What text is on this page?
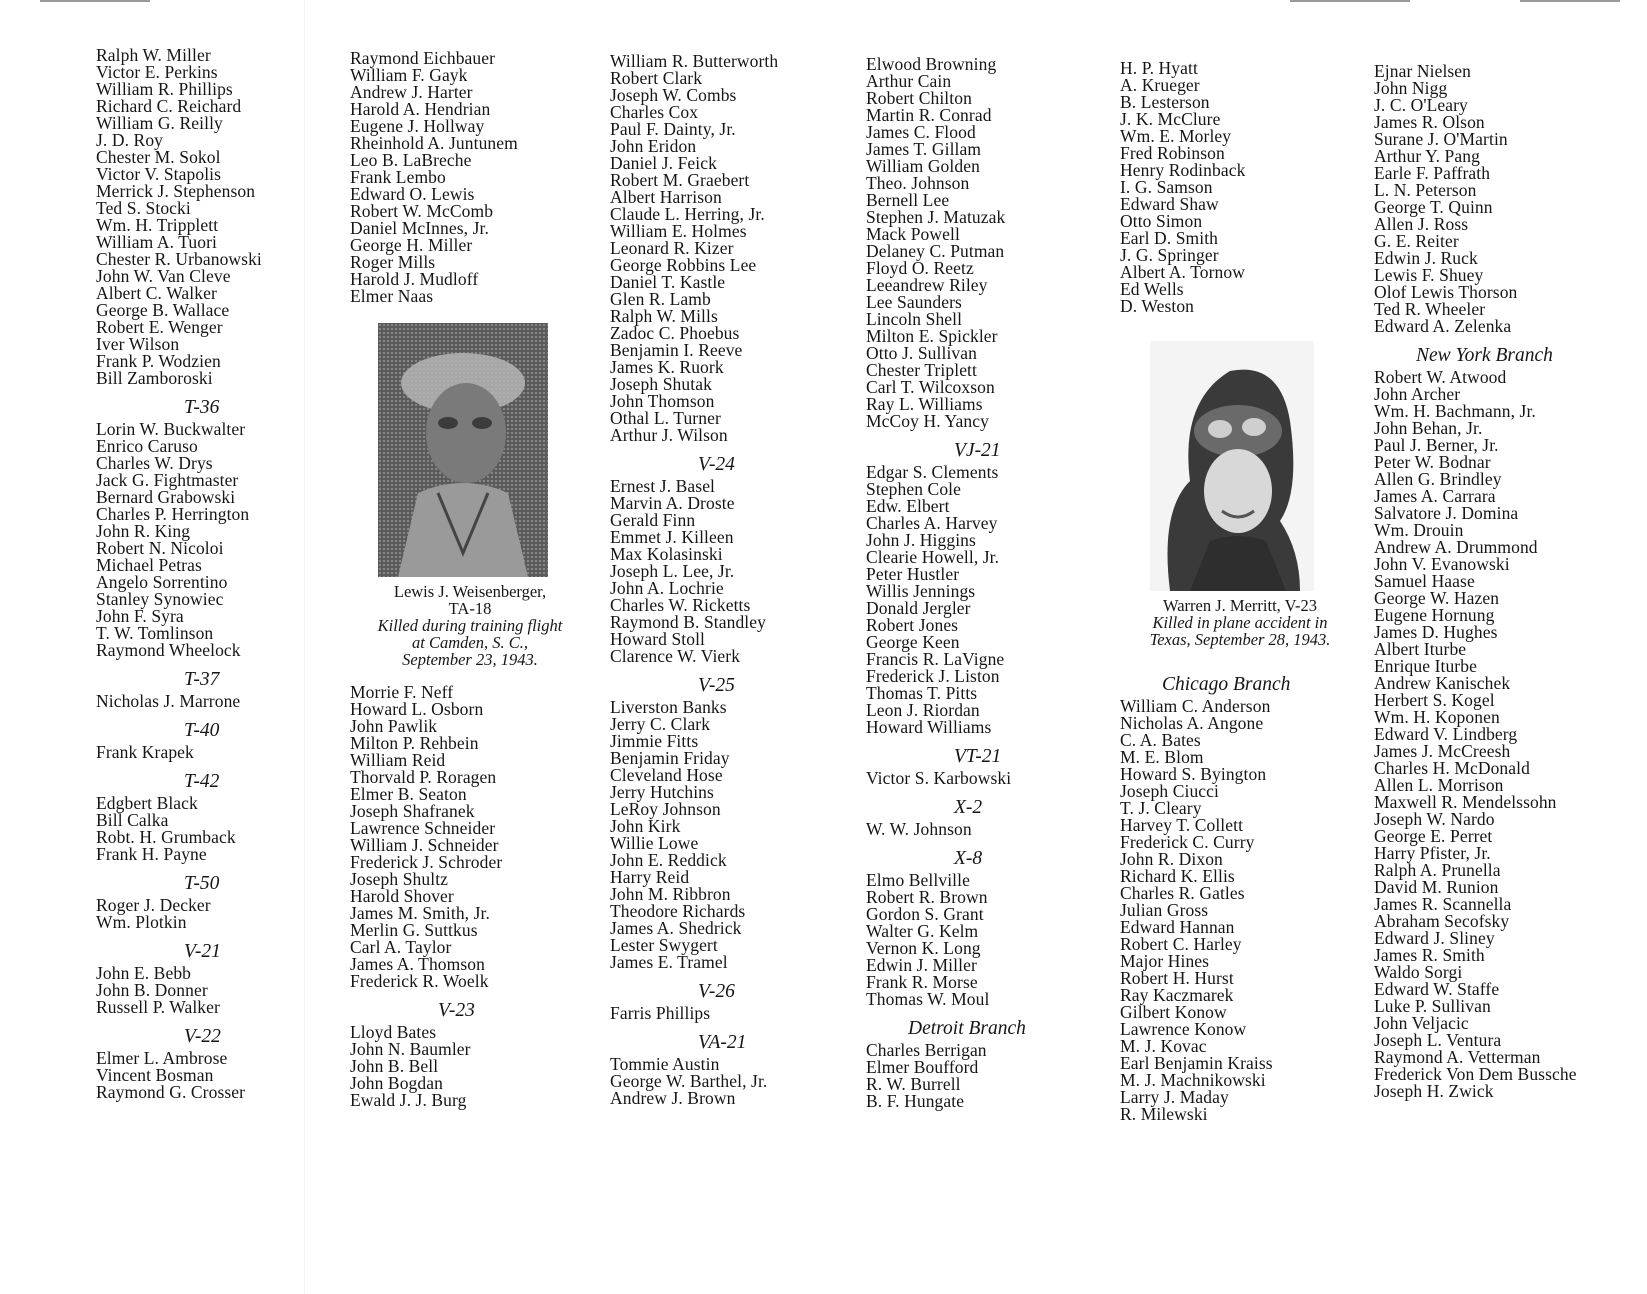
Ralph W. Miller
Victor E. Perkins
William R. Phillips
Richard C. Reichard
William G. Reilly
J. D. Roy
Chester M. Sokol
Victor V. Stapolis
Merrick J. Stephenson
Ted S. Stocki
Wm. H. Tripplett
William A. Tuori
Chester R. Urbanowski
John W. Van Cleve
Albert C. Walker
George B. Wallace
Robert E. Wenger
Iver Wilson
Frank P. Wodzien
Bill Zamboroski
T-36
Lorin W. Buckwalter
Enrico Caruso
Charles W. Drys
Jack G. Fightmaster
Bernard Grabowski
Charles P. Herrington
John R. King
Robert N. Nicoloi
Michael Petras
Angelo Sorrentino
Stanley Synowiec
John F. Syra
T. W. Tomlinson
Raymond Wheelock
T-37
Nicholas J. Marrone
T-40
Frank Krapek
T-42
Edgbert Black
Bill Calka
Robt. H. Grumback
Frank H. Payne
T-50
Roger J. Decker
Wm. Plotkin
V-21
John E. Bebb
John B. Donner
Russell P. Walker
V-22
Elmer L. Ambrose
Vincent Bosman
Raymond G. Crosser
Raymond Eichbauer
William F. Gayk
Andrew J. Harter
Harold A. Hendrian
Eugene J. Hollway
Rheinhold A. Juntunem
Leo B. LaBreche
Frank Lembo
Edward O. Lewis
Robert W. McComb
Daniel McInnes, Jr.
George H. Miller
Roger Mills
Harold J. Mudloff
Elmer Naas
Lewis J. Weisenberger,
TA-18
Killed during training flight
at Camden, S. C.,
September 23, 1943.
Morrie F. Neff
Howard L. Osborn
John Pawlik
Milton P. Rehbein
William Reid
Thorvald P. Roragen
Elmer B. Seaton
Joseph Shafranek
Lawrence Schneider
William J. Schneider
Frederick J. Schroder
Joseph Shultz
Harold Shover
James M. Smith, Jr.
Merlin G. Suttkus
Carl A. Taylor
James A. Thomson
Frederick R. Woelk
V-23
Lloyd Bates
John N. Baumler
John B. Bell
John Bogdan
Ewald J. J. Burg
William R. Butterworth
Robert Clark
Joseph W. Combs
Charles Cox
Paul F. Dainty, Jr.
John Eridon
Daniel J. Feick
Robert M. Graebert
Albert Harrison
Claude L. Herring, Jr.
William E. Holmes
Leonard R. Kizer
George Robbins Lee
Daniel T. Kastle
Glen R. Lamb
Ralph W. Mills
Zadoc C. Phoebus
Benjamin I. Reeve
James K. Ruork
Joseph Shutak
John Thomson
Othal L. Turner
Arthur J. Wilson
V-24
Ernest J. Basel
Marvin A. Droste
Gerald Finn
Emmet J. Killeen
Max Kolasinski
Joseph L. Lee, Jr.
John A. Lochrie
Charles W. Ricketts
Raymond B. Standley
Howard Stoll
Clarence W. Vierk
V-25
Liverston Banks
Jerry C. Clark
Jimmie Fitts
Benjamin Friday
Cleveland Hose
Jerry Hutchins
LeRoy Johnson
John Kirk
Willie Lowe
John E. Reddick
Harry Reid
John M. Ribbron
Theodore Richards
James A. Shedrick
Lester Swygert
James E. Tramel
V-26
Farris Phillips
VA-21
Tommie Austin
George W. Barthel, Jr.
Andrew J. Brown
Elwood Browning
Arthur Cain
Robert Chilton
Martin R. Conrad
James C. Flood
James T. Gillam
William Golden
Theo. Johnson
Bernell Lee
Stephen J. Matuzak
Mack Powell
Delaney C. Putman
Floyd O. Reetz
Leeandrew Riley
Lee Saunders
Lincoln Shell
Milton E. Spickler
Otto J. Sullivan
Chester Triplett
Carl T. Wilcoxson
Ray L. Williams
McCoy H. Yancy
VJ-21
Edgar S. Clements
Stephen Cole
Edw. Elbert
Charles A. Harvey
John J. Higgins
Clearie Howell, Jr.
Peter Hustler
Willis Jennings
Donald Jergler
Robert Jones
George Keen
Francis R. LaVigne
Frederick J. Liston
Thomas T. Pitts
Leon J. Riordan
Howard Williams
VT-21
Victor S. Karbowski
X-2
W. W. Johnson
X-8
Elmo Bellville
Robert R. Brown
Gordon S. Grant
Walter G. Kelm
Vernon K. Long
Edwin J. Miller
Frank R. Morse
Thomas W. Moul
Detroit Branch
Charles Berrigan
Elmer Boufford
R. W. Burrell
B. F. Hungate
H. P. Hyatt
A. Krueger
B. Lesterson
J. K. McClure
Wm. E. Morley
Fred Robinson
Henry Rodinback
I. G. Samson
Edward Shaw
Otto Simon
Earl D. Smith
J. G. Springer
Albert A. Tornow
Ed Wells
D. Weston
Warren J. Merritt, V-23
Killed in plane accident in
Texas, September 28, 1943.
Chicago Branch
William C. Anderson
Nicholas A. Angone
C. A. Bates
M. E. Blom
Howard S. Byington
Joseph Ciucci
T. J. Cleary
Harvey T. Collett
Frederick C. Curry
John R. Dixon
Richard K. Ellis
Charles R. Gatles
Julian Gross
Edward Hannan
Robert C. Harley
Major Hines
Robert H. Hurst
Ray Kaczmarek
Gilbert Konow
Lawrence Konow
M. J. Kovac
Earl Benjamin Kraiss
M. J. Machnikowski
Larry J. Maday
R. Milewski
Ejnar Nielsen
John Nigg
J. C. O'Leary
James R. Olson
Surane J. O'Martin
Arthur Y. Pang
Earle F. Paffrath
L. N. Peterson
George T. Quinn
Allen J. Ross
G. E. Reiter
Edwin J. Ruck
Lewis F. Shuey
Olof Lewis Thorson
Ted R. Wheeler
Edward A. Zelenka
New York Branch
Robert W. Atwood
John Archer
Wm. H. Bachmann, Jr.
John Behan, Jr.
Paul J. Berner, Jr.
Peter W. Bodnar
Allen G. Brindley
James A. Carrara
Salvatore J. Domina
Wm. Drouin
Andrew A. Drummond
John V. Evanowski
Samuel Haase
George W. Hazen
Eugene Hornung
James D. Hughes
Albert Iturbe
Enrique Iturbe
Andrew Kanischek
Herbert S. Kogel
Wm. H. Koponen
Edward V. Lindberg
James J. McCreesh
Charles H. McDonald
Allen L. Morrison
Maxwell R. Mendelssohn
Joseph W. Nardo
George E. Perret
Harry Pfister, Jr.
Ralph A. Prunella
David M. Runion
James R. Scannella
Abraham Secofsky
Edward J. Sliney
James R. Smith
Waldo Sorgi
Edward W. Staffe
Luke P. Sullivan
John Veljacic
Joseph L. Ventura
Raymond A. Vetterman
Frederick Von Dem Bussche
Joseph H. Zwick
